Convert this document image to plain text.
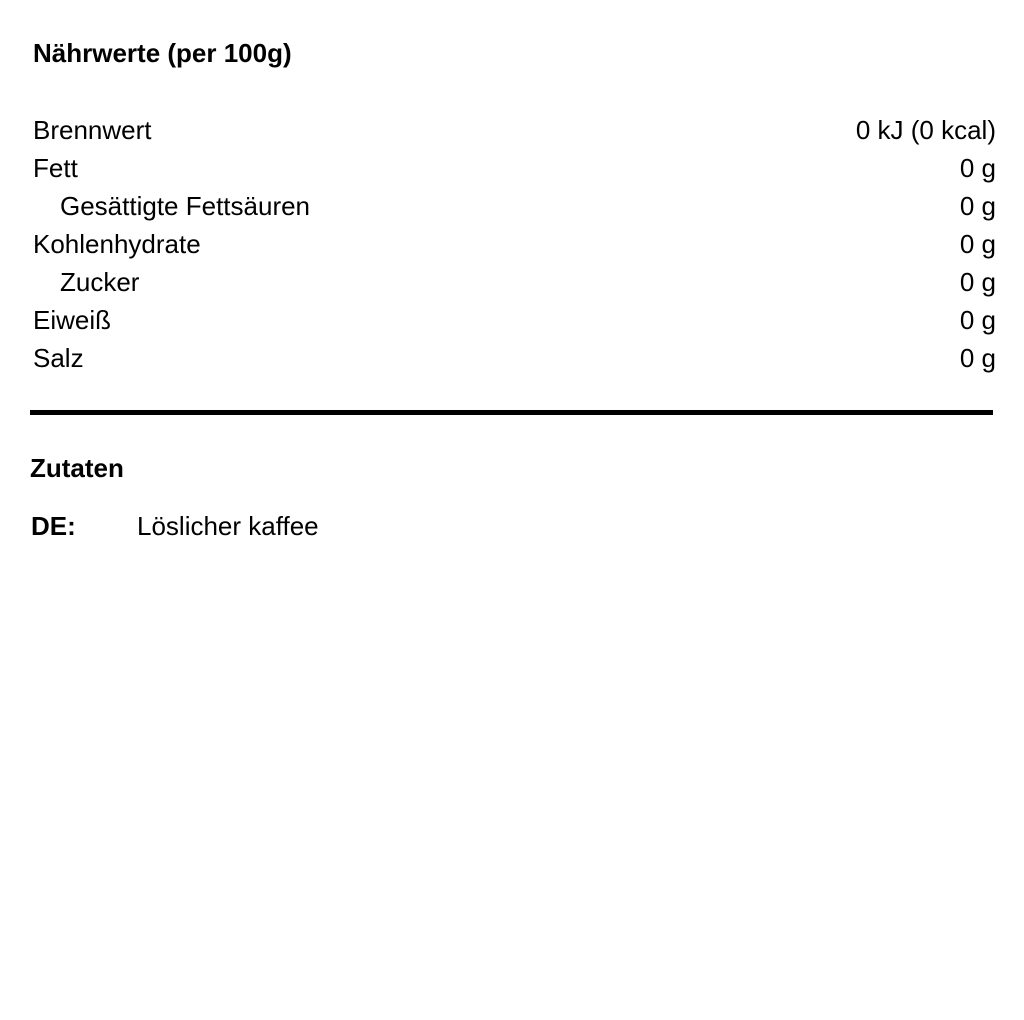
Nährwerte (per 100g)
Brennwert	0 kJ (0 kcal)
Fett	0 g
Gesättigte Fettsäuren	0 g
Kohlenhydrate	0 g
Zucker	0 g
Eiweiß	0 g
Salz	0 g
Zutaten
DE:	Löslicher kaffee
